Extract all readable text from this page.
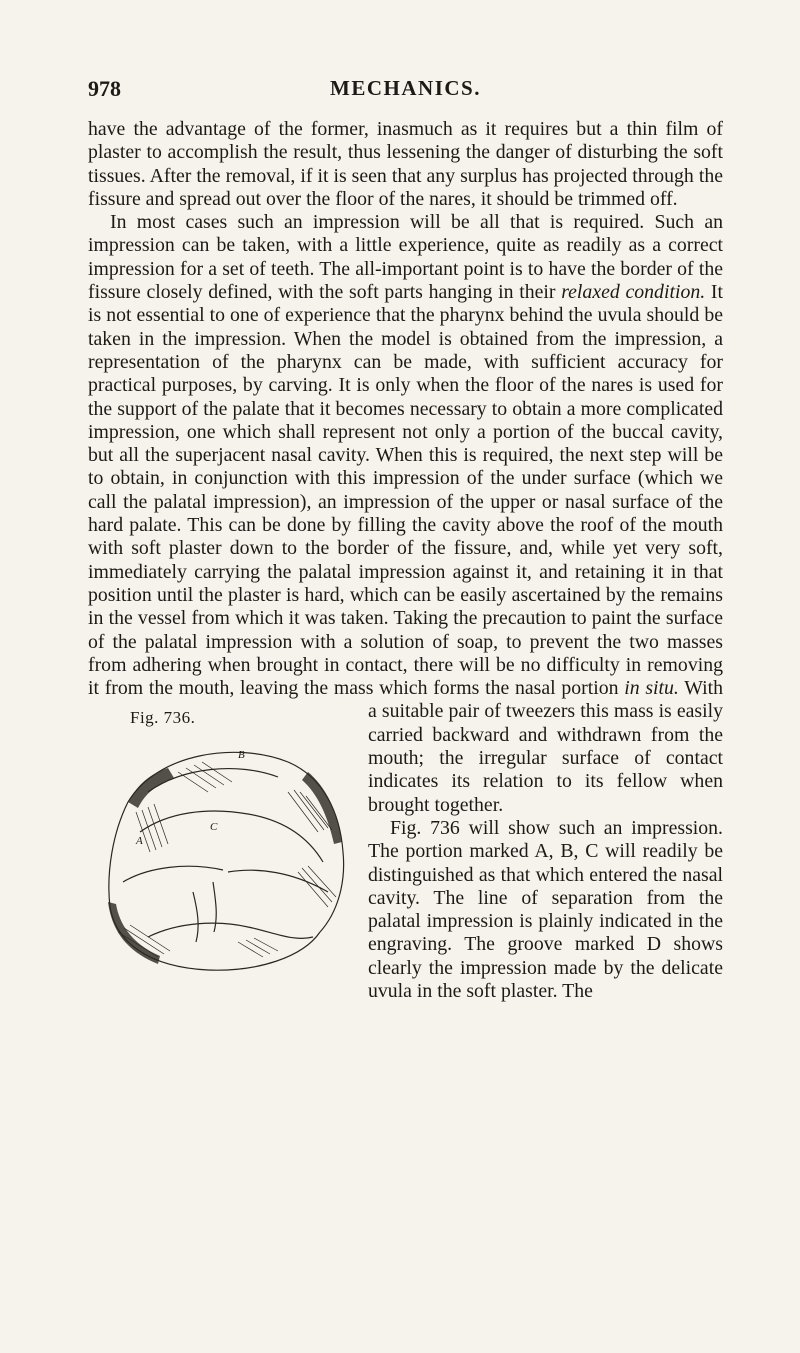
978	MECHANICS.

have the advantage of the former, inasmuch as it requires but a thin film of plaster to accomplish the result, thus lessening the danger of disturbing the soft tissues. After the removal, if it is seen that any surplus has projected through the fissure and spread out over the floor of the nares, it should be trimmed off.

In most cases such an impression will be all that is required. Such an impression can be taken, with a little experience, quite as readily as a correct impression for a set of teeth. The all-important point is to have the border of the fissure closely defined, with the soft parts hanging in their relaxed condition. It is not essential to one of experience that the pharynx behind the uvula should be taken in the impression. When the model is obtained from the impression, a representation of the pharynx can be made, with sufficient accuracy for practical purposes, by carving. It is only when the floor of the nares is used for the support of the palate that it becomes necessary to obtain a more complicated impression, one which shall represent not only a portion of the buccal cavity, but all the superjacent nasal cavity. When this is required, the next step will be to obtain, in conjunction with this impression of the under surface (which we call the palatal impression), an impression of the upper or nasal surface of the hard palate. This can be done by filling the cavity above the roof of the mouth with soft plaster down to the border of the fissure, and, while yet very soft, immediately carrying the palatal impression against it, and retaining it in that position until the plaster is hard, which can be easily ascertained by the remains in the vessel from which it was taken. Taking the precaution to paint the surface of the palatal impression with a solution of soap, to prevent the two masses from adhering when brought in contact, there will be no difficulty in removing it from the mouth, leaving the mass which forms the nasal portion in situ.
Fig. 736.
B
A
C
With a suitable pair of tweezers this mass is easily carried backward and withdrawn from the mouth; the irregular surface of contact indicates its relation to its fellow when brought together.

Fig. 736 will show such an impression. The portion marked A, B, C will readily be distinguished as that which entered the nasal cavity. The line of separation from the palatal impression is plainly indicated in the engraving. The groove marked D shows clearly the impression made by the delicate uvula in the soft plaster. The
